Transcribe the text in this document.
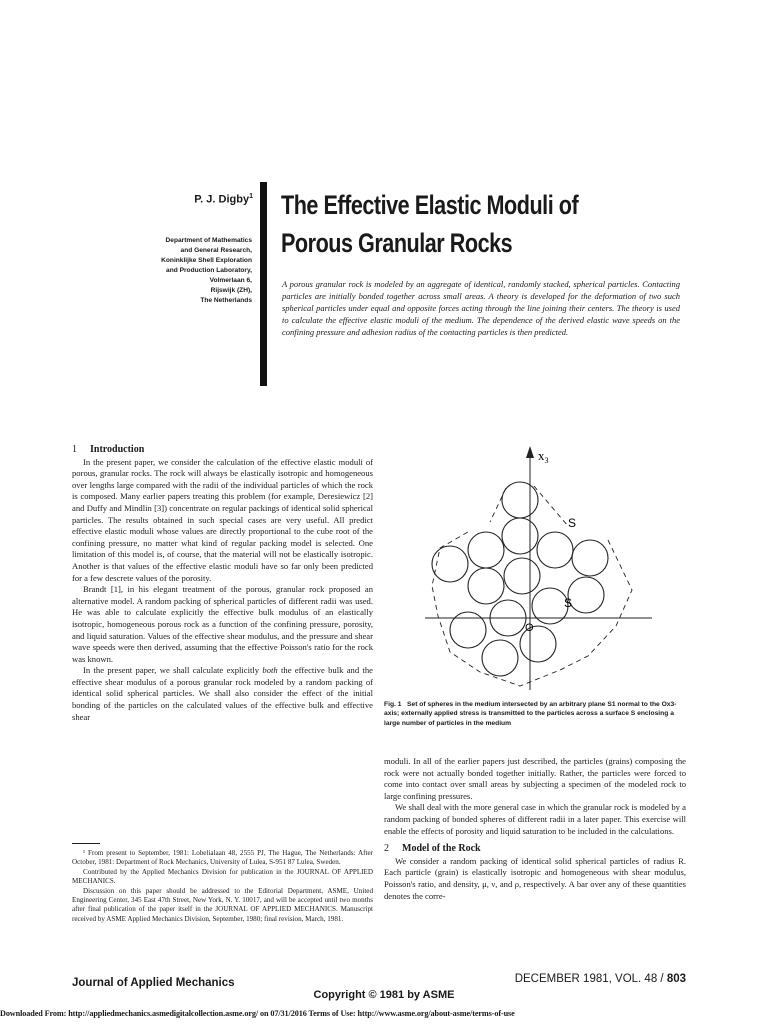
P. J. Digby$^1$
Department of Mathematics
and General Research,
Koninklijke Shell Exploration
and Production Laboratory,
Volmerlaan 6,
Rijswijk (ZH),
The Netherlands
The Effective Elastic Moduli of
Porous Granular Rocks
A porous granular rock is modeled by an aggregate of identical, randomly stacked, spherical particles. Contacting particles are initially bonded together across small areas. A theory is developed for the deformation of two such spherical particles under equal and opposite forces acting through the line joining their centers. The theory is used to calculate the effective elastic moduli of the medium. The dependence of the derived elastic wave speeds on the confining pressure and adhesion radius of the contacting particles is then predicted.
1 Introduction

In the present paper, we consider the calculation of the effective elastic moduli of porous, granular rocks. The rock will always be elastically isotropic and homogeneous over lengths large compared with the radii of the individual particles of which the rock is composed. Many earlier papers treating this problem (for example, Deresiewicz [2] and Duffy and Mindlin [3]) concentrate on regular packings of identical solid spherical particles. The results obtained in such special cases are very useful. All predict effective elastic moduli whose values are directly proportional to the cube root of the confining pressure, no matter what kind of regular packing model is selected. One limitation of this model is, of course, that the material will not be elastically isotropic. Another is that values of the effective elastic moduli have so far only been predicted for a few descrete values of the porosity.

Brandt [1], in his elegant treatment of the porous, granular rock proposed an alternative model. A random packing of spherical particles of different radii was used. He was able to calculate explicitly the effective bulk modulus of an elastically isotropic, homogeneous porous rock as a function of the confining pressure, porosity, and liquid saturation. Values of the effective shear modulus, and the pressure and shear wave speeds were then derived, assuming that the effective Poisson's ratio for the rock was known.

In the present paper, we shall calculate explicitly both the effective bulk and the effective shear modulus of a porous granular rock modeled by a random packing of identical solid spherical particles. We shall also consider the effect of the initial bonding of the particles on the calculated values of the effective bulk and effective shear

¹ From present to September, 1981: Lobelialaan 48, 2555 PJ, The Hague, The Netherlands: After October, 1981: Department of Rock Mechanics, University of Lulea, S-951 87 Lulea, Sweden.

Contributed by the Applied Mechanics Division for publication in the JOURNAL OF APPLIED MECHANICS.

Discussion on this paper should be addressed to the Editorial Department, ASME, United Engineering Center, 345 East 47th Street, New York, N. Y. 10017, and will be accepted until two months after final publication of the paper itself in the JOURNAL OF APPLIED MECHANICS. Manuscript received by ASME Applied Mechanics Division, September, 1980; final revision, March, 1981.

$x_3$
O
S
S
Fig. 1 Set of spheres in the medium intersected by an arbitrary plane S1 normal to the Ox3-axis; externally applied stress is transmitted to the particles across a surface S enclosing a large number of particles in the medium

moduli. In all of the earlier papers just described, the particles (grains) composing the rock were not actually bonded together initially. Rather, the particles were forced to come into contact over small areas by subjecting a specimen of the modeled rock to large confining pressures.

We shall deal with the more general case in which the granular rock is modeled by a random packing of bonded spheres of different radii in a later paper. This exercise will enable the effects of porosity and liquid saturation to be included in the calculations.

2 Model of the Rock

We consider a random packing of identical solid spherical particles of radius R. Each particle (grain) is elastically isotropic and homogeneous with shear modulus, Poisson's ratio, and density, μ, ν, and ρ, respectively. A bar over any of these quantities denotes the corre-

Journal of Applied Mechanics	DECEMBER 1981, VOL. 48 / 803
Copyright © 1981 by ASME
Downloaded From: http://appliedmechanics.asmedigitalcollection.asme.org/ on 07/31/2016 Terms of Use: http://www.asme.org/about-asme/terms-of-use
